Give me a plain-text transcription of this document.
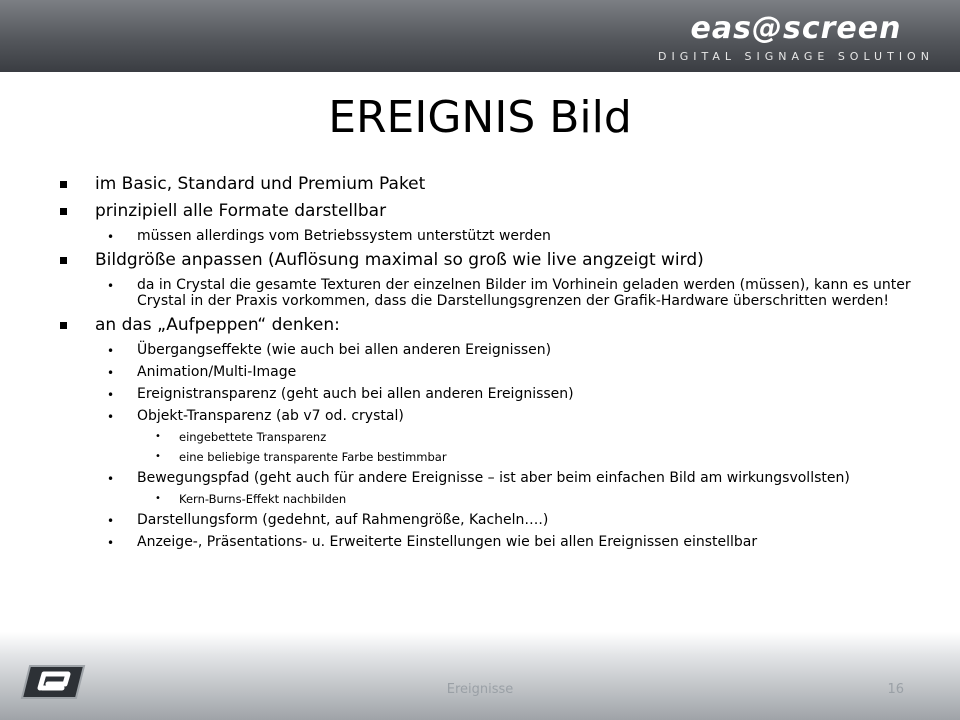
eas@screen
DIGITAL SIGNAGE SOLUTION
EREIGNIS Bild
im Basic, Standard und Premium Paket
prinzipiell alle Formate darstellbar
• müssen allerdings vom Betriebssystem unterstützt werden
Bildgröße anpassen (Auflösung maximal so groß wie live angzeigt wird)
• da in Crystal die gesamte Texturen der einzelnen Bilder im Vorhinein geladen werden (müssen), kann es unter Crystal in der Praxis vorkommen, dass die Darstellungsgrenzen der Grafik-Hardware überschritten werden!
an das „Aufpeppen“ denken:
• Übergangseffekte (wie auch bei allen anderen Ereignissen)
• Animation/Multi-Image
• Ereignistransparenz (geht auch bei allen anderen Ereignissen)
• Objekt-Transparenz (ab v7 od. crystal)
• eingebettete Transparenz
• eine beliebige transparente Farbe bestimmbar
• Bewegungspfad (geht auch für andere Ereignisse – ist aber beim einfachen Bild am wirkungsvollsten)
• Kern-Burns-Effekt nachbilden
• Darstellungsform (gedehnt, auf Rahmengröße, Kacheln….)
• Anzeige-, Präsentations- u. Erweiterte Einstellungen wie bei allen Ereignissen einstellbar
Ereignisse	16
